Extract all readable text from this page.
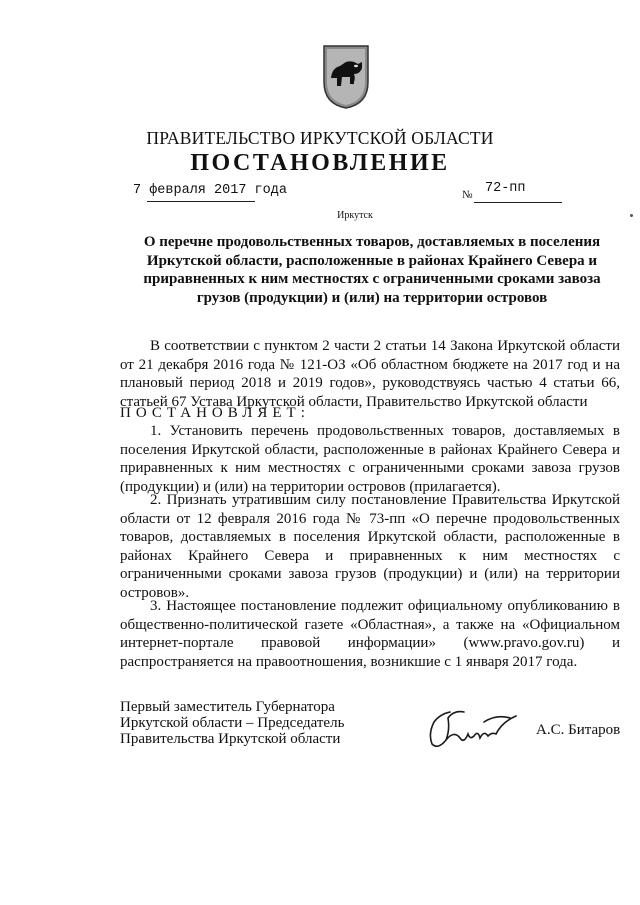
ПРАВИТЕЛЬСТВО ИРКУТСКОЙ ОБЛАСТИ
ПОСТАНОВЛЕНИЕ
7 февраля 2017 года	№ 72-пп
Иркутск
О перечне продовольственных товаров, доставляемых в поселения Иркутской области, расположенные в районах Крайнего Севера и приравненных к ним местностях с ограниченными сроками завоза грузов (продукции) и (или) на территории островов
В соответствии с пунктом 2 части 2 статьи 14 Закона Иркутской области от 21 декабря 2016 года № 121-ОЗ «Об областном бюджете на 2017 год и на плановый период 2018 и 2019 годов», руководствуясь частью 4 статьи 66, статьей 67 Устава Иркутской области, Правительство Иркутской области
ПОСТАНОВЛЯЕТ:
1. Установить перечень продовольственных товаров, доставляемых в поселения Иркутской области, расположенные в районах Крайнего Севера и приравненных к ним местностях с ограниченными сроками завоза грузов (продукции) и (или) на территории островов (прилагается).
2. Признать утратившим силу постановление Правительства Иркутской области от 12 февраля 2016 года № 73-пп «О перечне продовольственных товаров, доставляемых в поселения Иркутской области, расположенные в районах Крайнего Севера и приравненных к ним местностях с ограниченными сроками завоза грузов (продукции) и (или) на территории островов».
3. Настоящее постановление подлежит официальному опубликованию в общественно-политической газете «Областная», а также на «Официальном интернет-портале правовой информации» (www.pravo.gov.ru) и распространяется на правоотношения, возникшие с 1 января 2017 года.
Первый заместитель Губернатора
Иркутской области – Председатель
Правительства Иркутской области
А.С. Битаров
